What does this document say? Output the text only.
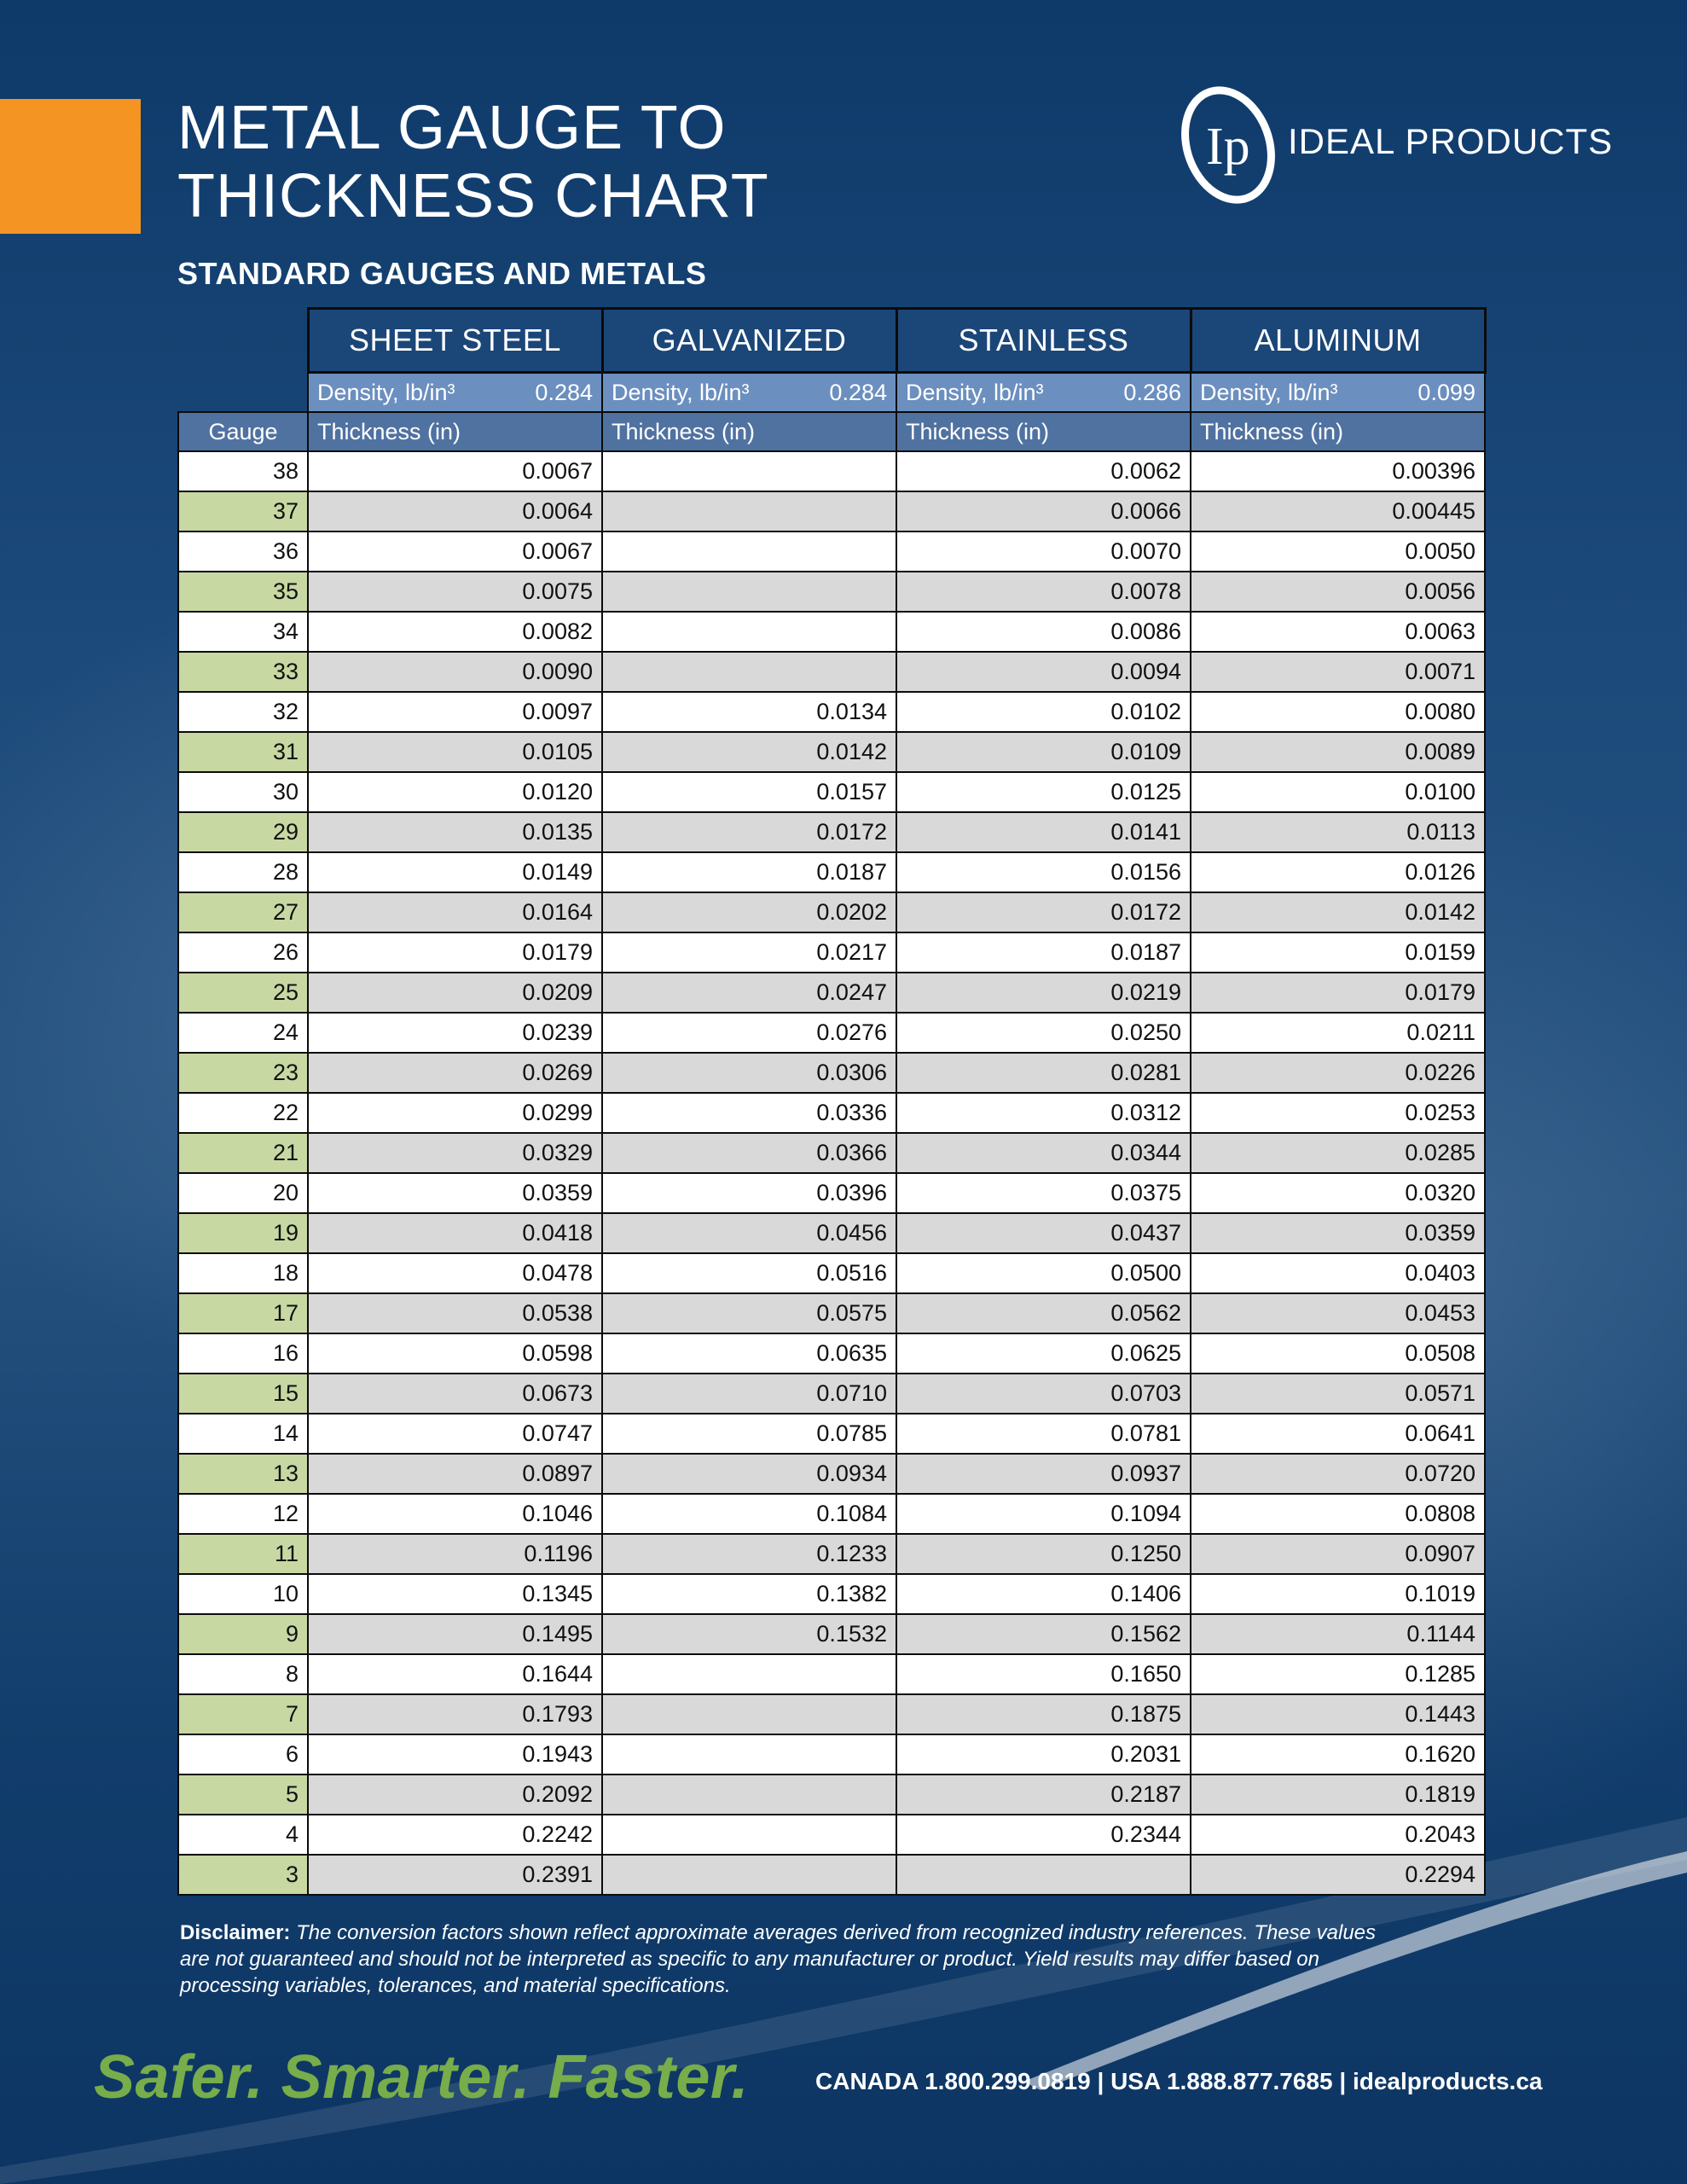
METAL GAUGE TO
THICKNESS CHART
STANDARD GAUGES AND METALS
Ip IDEAL PRODUCTS
	SHEET STEEL	GALVANIZED	STAINLESS	ALUMINUM

	Density, lb/in³ 0.284	Density, lb/in³ 0.284	Density, lb/in³ 0.286	Density, lb/in³ 0.099

Gauge	Thickness (in)	Thickness (in)	Thickness (in)	Thickness (in)
38	0.0067		0.0062	0.00396
37	0.0064		0.0066	0.00445
36	0.0067		0.0070	0.0050
35	0.0075		0.0078	0.0056
34	0.0082		0.0086	0.0063
33	0.0090		0.0094	0.0071
32	0.0097	0.0134	0.0102	0.0080
31	0.0105	0.0142	0.0109	0.0089
30	0.0120	0.0157	0.0125	0.0100
29	0.0135	0.0172	0.0141	0.0113
28	0.0149	0.0187	0.0156	0.0126
27	0.0164	0.0202	0.0172	0.0142
26	0.0179	0.0217	0.0187	0.0159
25	0.0209	0.0247	0.0219	0.0179
24	0.0239	0.0276	0.0250	0.0211
23	0.0269	0.0306	0.0281	0.0226
22	0.0299	0.0336	0.0312	0.0253
21	0.0329	0.0366	0.0344	0.0285
20	0.0359	0.0396	0.0375	0.0320
19	0.0418	0.0456	0.0437	0.0359
18	0.0478	0.0516	0.0500	0.0403
17	0.0538	0.0575	0.0562	0.0453
16	0.0598	0.0635	0.0625	0.0508
15	0.0673	0.0710	0.0703	0.0571
14	0.0747	0.0785	0.0781	0.0641
13	0.0897	0.0934	0.0937	0.0720
12	0.1046	0.1084	0.1094	0.0808
11	0.1196	0.1233	0.1250	0.0907
10	0.1345	0.1382	0.1406	0.1019
9	0.1495	0.1532	0.1562	0.1144
8	0.1644		0.1650	0.1285
7	0.1793		0.1875	0.1443
6	0.1943		0.2031	0.1620
5	0.2092		0.2187	0.1819
4	0.2242		0.2344	0.2043
3	0.2391			0.2294
Disclaimer: The conversion factors shown reflect approximate averages derived from recognized industry references. These values are not guaranteed and should not be interpreted as specific to any manufacturer or product. Yield results may differ based on processing variables, tolerances, and material specifications.
Safer. Smarter. Faster.	CANADA 1.800.299.0819 | USA 1.888.877.7685 | idealproducts.ca
